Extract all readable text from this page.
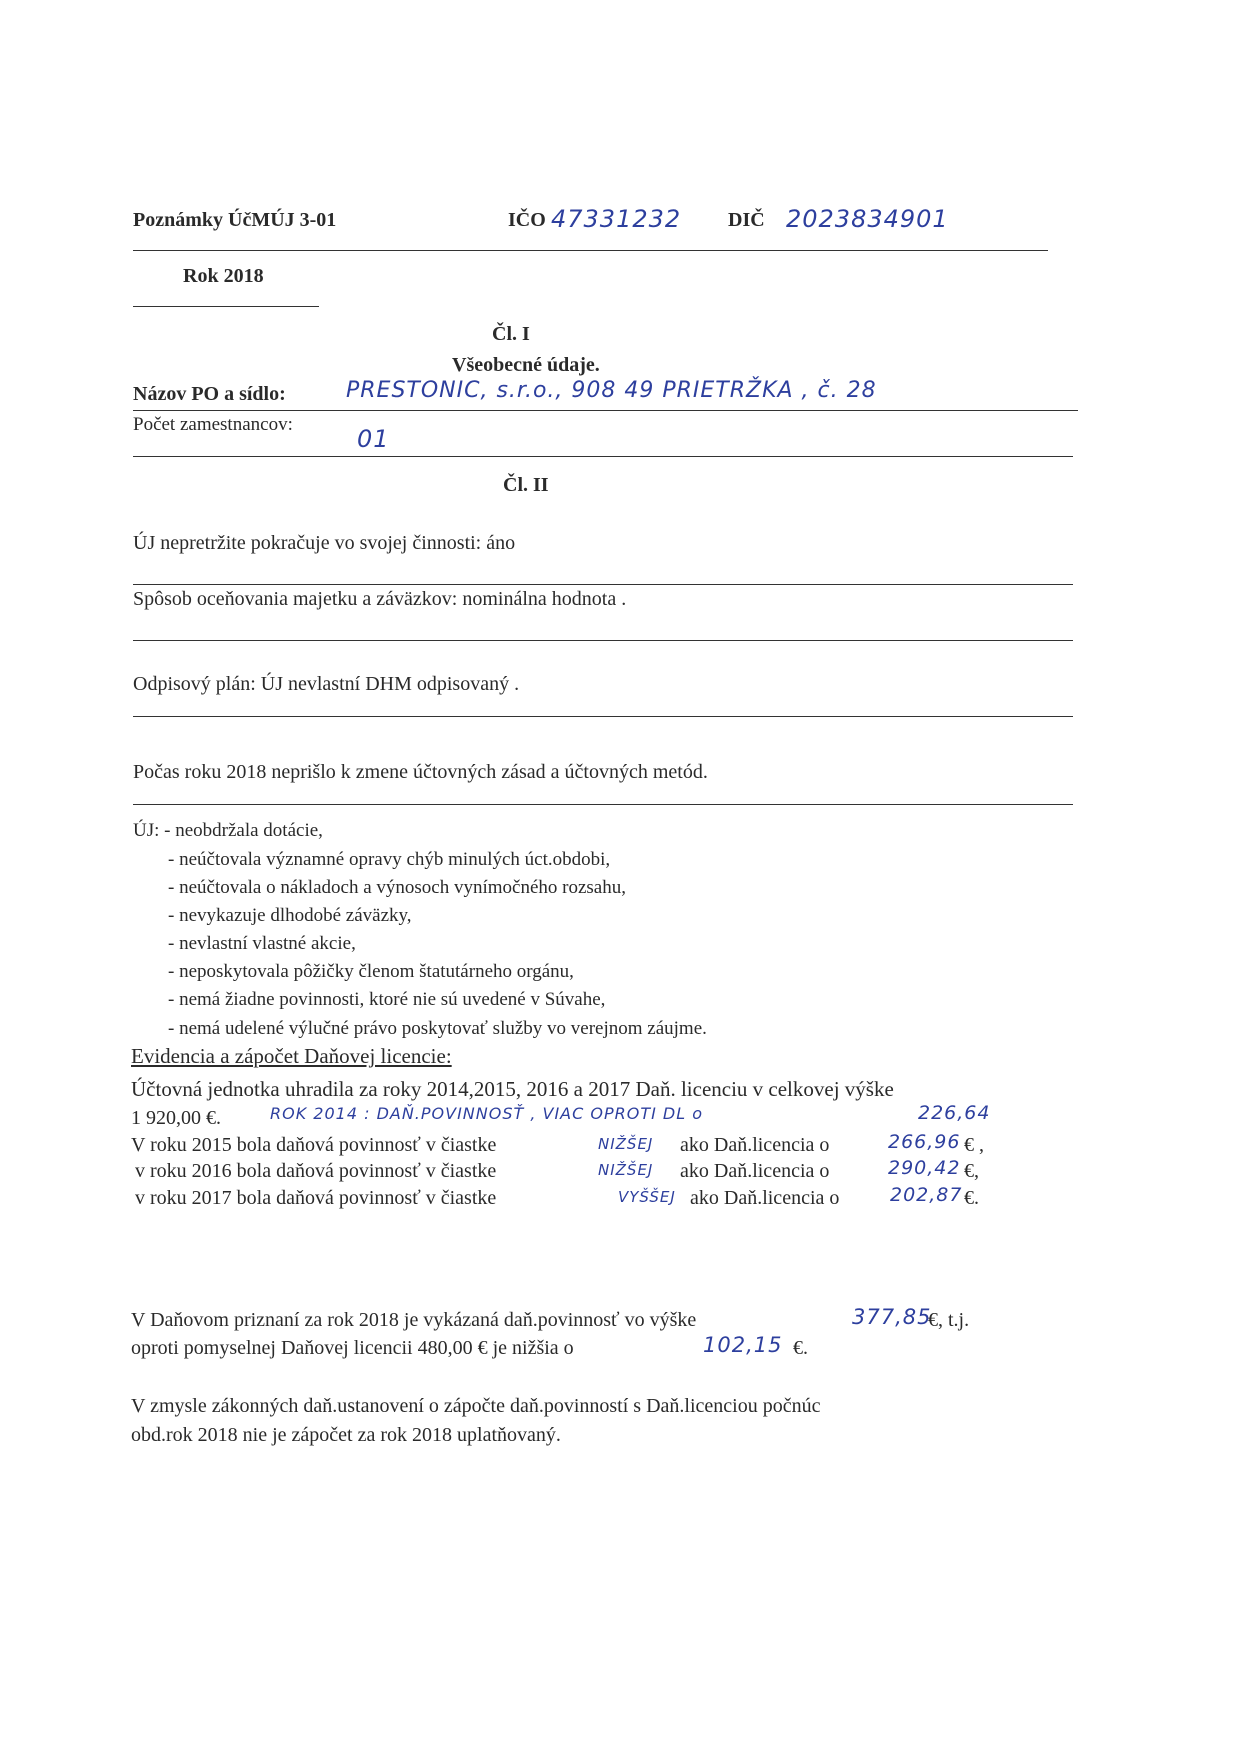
Poznámky ÚčMÚJ 3-01	IČO 47331232 DIČ 2023834901
Rok 2018
Čl. I
Všeobecné údaje.
Názov PO a sídlo:	PRESTONIC, s.r.o., 908 49 PRIETRŽKA , č. 28
Počet zamestnancov:
01
Čl. II
ÚJ nepretržite pokračuje vo svojej činnosti: áno
Spôsob oceňovania majetku a záväzkov: nominálna hodnota .
Odpisový plán: ÚJ nevlastní DHM odpisovaný .
Počas roku 2018 neprišlo k zmene účtovných zásad a účtovných metód.
ÚJ: - neobdržala dotácie,
- neúčtovala významné opravy chýb minulých úct.obdobi,
- neúčtovala o nákladoch a výnosoch vynímočného rozsahu,
- nevykazuje dlhodobé záväzky,
- nevlastní vlastné akcie,
- neposkytovala pôžičky členom štatutárneho orgánu,
- nemá žiadne povinnosti, ktoré nie sú uvedené v Súvahe,
- nemá udelené výlučné právo poskytovať služby vo verejnom záujme.
Evidencia a zápočet Daňovej licencie:
Účtovná jednotka uhradila za roky 2014,2015, 2016 a 2017 Daň. licenciu v celkovej výške
1 920,00 €.	ROK 2014 : DAŇ.POVINNOSŤ , VIAC OPROTI DL o	226,64
V roku 2015 bola daňová povinnosť v čiastke	NIŽŠEJ ako Daň.licencia o	266,96 € ,
v roku 2016 bola daňová povinnosť v čiastke	NIŽŠEJ ako Daň.licencia o	290,42 €,
v roku 2017 bola daňová povinnosť v čiastke	VYŠŠEJ ako Daň.licencia o	202,87 €.
V Daňovom priznaní za rok 2018 je vykázaná daň.povinnosť vo výške	377,85
€, t.j.
oproti pomyselnej Daňovej licencii 480,00 € je nižšia o	102,15 €.
V zmysle zákonných daň.ustanovení o zápočte daň.povinností s Daň.licenciou počnúc
obd.rok 2018 nie je zápočet za rok 2018 uplatňovaný.
